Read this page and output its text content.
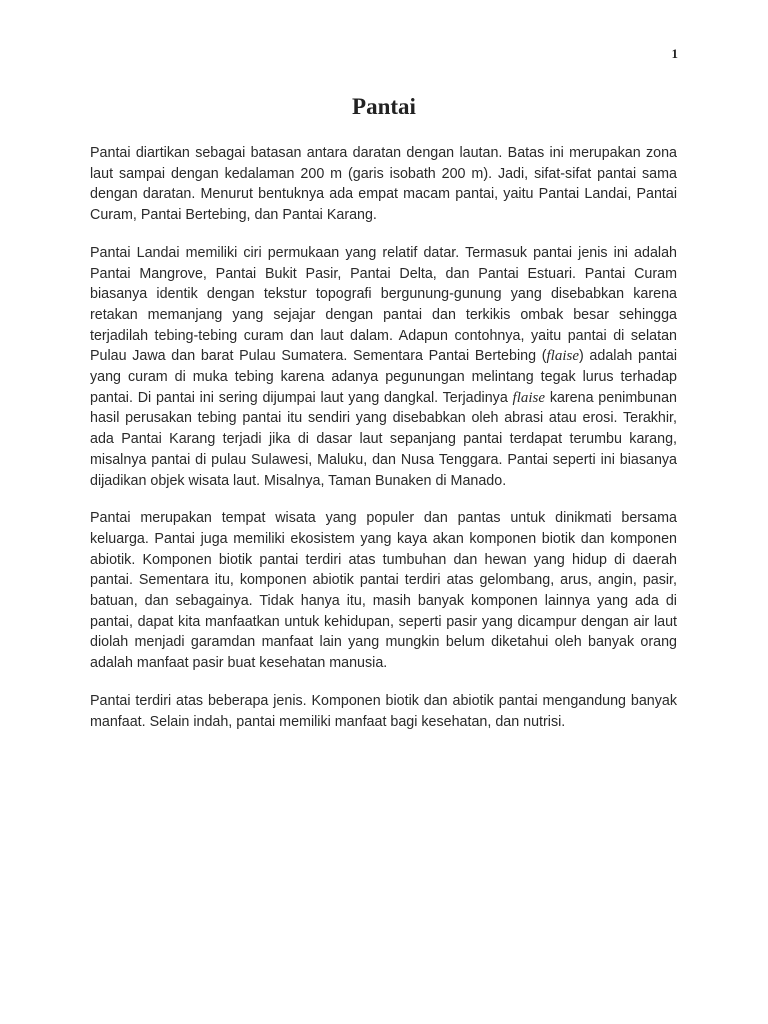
1
Pantai

Pantai diartikan sebagai batasan antara daratan dengan lautan. Batas ini merupakan zona laut sampai dengan kedalaman 200 m (garis isobath 200 m). Jadi, sifat-sifat pantai sama dengan daratan. Menurut bentuknya ada empat macam pantai, yaitu Pantai Landai, Pantai Curam, Pantai Bertebing, dan Pantai Karang.

Pantai Landai memiliki ciri permukaan yang relatif datar. Termasuk pantai jenis ini adalah Pantai Mangrove, Pantai Bukit Pasir, Pantai Delta, dan Pantai Estuari. Pantai Curam biasanya identik dengan tekstur topografi bergunung-gunung yang disebabkan karena retakan memanjang yang sejajar dengan pantai dan terkikis ombak besar sehingga terjadilah tebing-tebing curam dan laut dalam. Adapun contohnya, yaitu pantai di selatan Pulau Jawa dan barat Pulau Sumatera. Sementara Pantai Bertebing (flaise) adalah pantai yang curam di muka tebing karena adanya pegunungan melintang tegak lurus terhadap pantai. Di pantai ini sering dijumpai laut yang dangkal. Terjadinya flaise karena penimbunan hasil perusakan tebing pantai itu sendiri yang disebabkan oleh abrasi atau erosi. Terakhir, ada Pantai Karang terjadi jika di dasar laut sepanjang pantai terdapat terumbu karang, misalnya pantai di pulau Sulawesi, Maluku, dan Nusa Tenggara. Pantai seperti ini biasanya dijadikan objek wisata laut. Misalnya, Taman Bunaken di Manado.

Pantai merupakan tempat wisata yang populer dan pantas untuk dinikmati bersama keluarga. Pantai juga memiliki ekosistem yang kaya akan komponen biotik dan komponen abiotik. Komponen biotik pantai terdiri atas tumbuhan dan hewan yang hidup di daerah pantai. Sementara itu, komponen abiotik pantai terdiri atas gelombang, arus, angin, pasir, batuan, dan sebagainya. Tidak hanya itu, masih banyak komponen lainnya yang ada di pantai, dapat kita manfaatkan untuk kehidupan, seperti pasir yang dicampur dengan air laut diolah menjadi garamdan manfaat lain yang mungkin belum diketahui oleh banyak orang adalah manfaat pasir buat kesehatan manusia.

Pantai terdiri atas beberapa jenis. Komponen biotik dan abiotik pantai mengandung banyak manfaat. Selain indah, pantai memiliki manfaat bagi kesehatan, dan nutrisi.
